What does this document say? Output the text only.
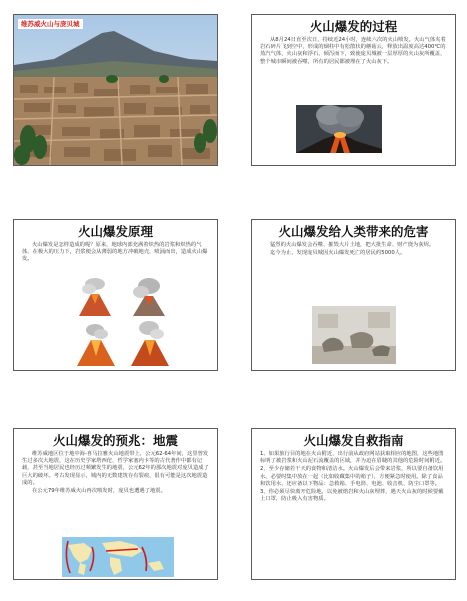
维苏威火山与庞贝城	火山爆发的过程

从8月24日直至次日，持续近24小时，连续六次的火山喷发。火山气体夹着岩石碎片飞到空中，形成的烟柱中有松散状的蘑菇云，释放出温度高达400℃的蒸汽气体，火山灰和浮石，倾泻而下，致使庞贝城被一层厚厚的火山灰所覆盖，整个城市瞬间被吞噬，所有的居民都被埋在了火山灰下。

火山爆发原理

火山爆发是怎样造成的呢？原来，地球内部充满着炽热的岩浆和炽热的气体，在极大的压力下，岩浆便会从薄弱的地方冲破地壳，喷涌而出，造成火山爆发。

火山爆发给人类带来的危害

猛烈的火山爆发会吞噬、摧毁大片土地，把大批生命、财产烧为灰烬。

迄今为止，发现庞贝城因火山爆发死亡的居民约5000人。

火山爆发的预兆：地震

维苏威地区位于地中海-喜马拉雅火山地震带上，公元62-64年间，这里曾发生过多次大地震，这在历史学家塔西佗、哲学家塞内卡等的古代著作中都有记载，甚至当地居民也经历过频繁发生的地震，公元62年的那次地震对庞贝造成了巨大的破坏。考古发现显示，城内的无数建筑存有裂痕，很有可能是这次地震造成的。

在公元79年维苏威火山再次喷发时，庞贝也遭遇了地震。

火山爆发自救指南

1、如果旅行目的地在火山附近，出行前从政府网站获取相应的地图，这些地图标明了被岩浆和火山泥石流覆盖的区域，并为迫在眉睫的其他的危险时间附近。

2、至少存储若干天的食物和清洁水。火山爆发后会带来岩浆，所以要自备饮用水，必要时集中放在一起（比如收藏集中的箱子），方便紧急时使用。除了食品和饮用水，还应备以下物品：急救箱、手电筒、电池、收音机、防尘口罩等。

3、你必须尽快离开危险地，以免被熔岩和火山灰埋葬，遇天火山灰的时候要戴上口罩，防止吸入有害物质。
